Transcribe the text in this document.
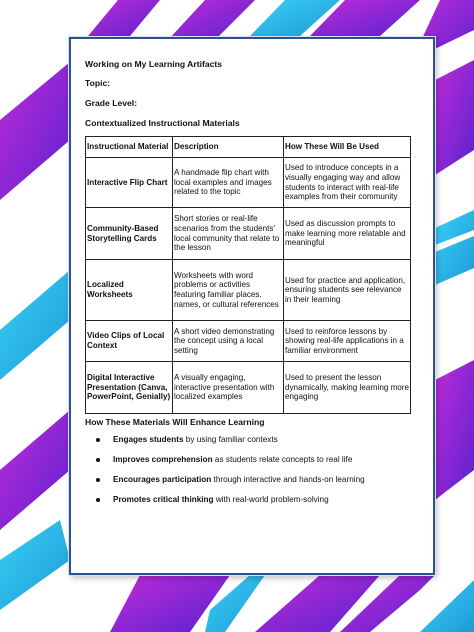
Working on My Learning Artifacts
Topic:
Grade Level:
Contextualized Instructional Materials
Instructional Material	Description	How These Will Be Used
Interactive Flip Chart	A handmade flip chart with local examples and images related to the topic	Used to introduce concepts in a visually engaging way and allow students to interact with real-life examples from their community
Community-Based Storytelling Cards	Short stories or real-life scenarios from the students' local community that relate to the lesson	Used as discussion prompts to make learning more relatable and meaningful
Localized Worksheets	Worksheets with word problems or activities featuring familiar places, names, or cultural references	Used for practice and application, ensuring students see relevance in their learning
Video Clips of Local Context	A short video demonstrating the concept using a local setting	Used to reinforce lessons by showing real-life applications in a familiar environment
Digital Interactive Presentation (Canva, PowerPoint, Genially)	A visually engaging, interactive presentation with localized examples	Used to present the lesson dynamically, making learning more engaging
How These Materials Will Enhance Learning
Engages students by using familiar contexts
Improves comprehension as students relate concepts to real life
Encourages participation through interactive and hands-on learning
Promotes critical thinking with real-world problem-solving
